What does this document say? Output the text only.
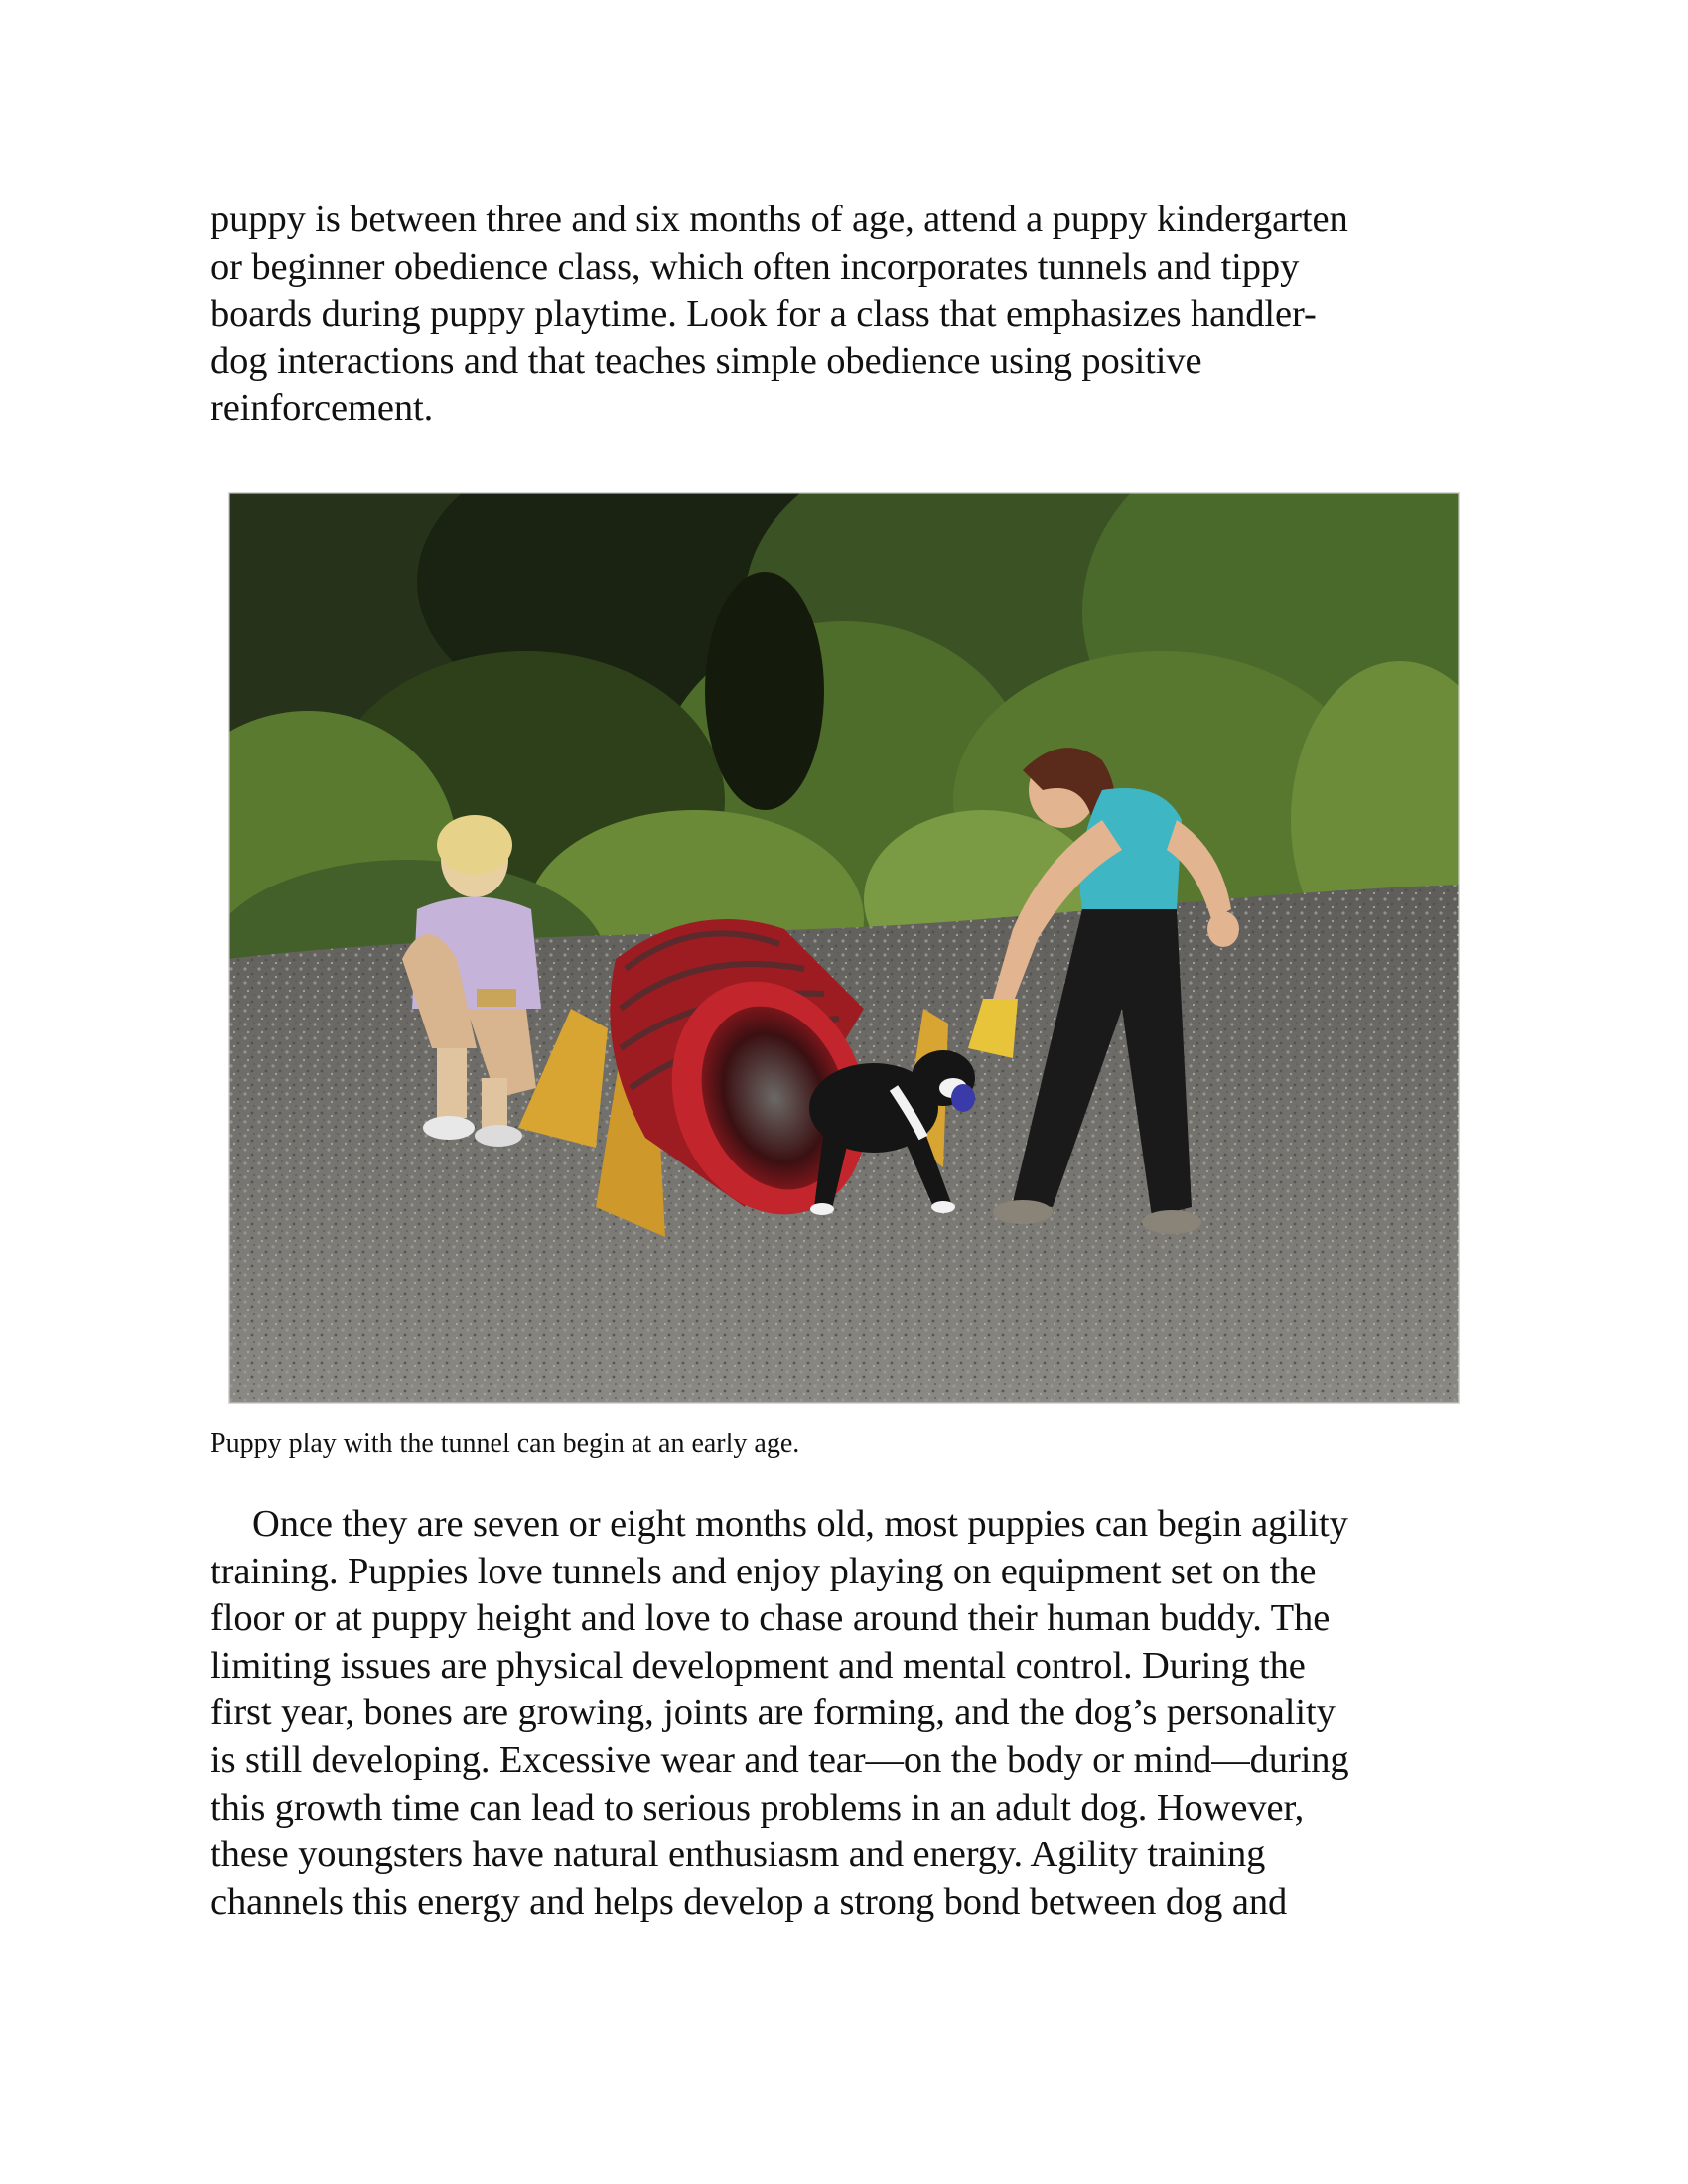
puppy is between three and six months of age, attend a puppy kindergarten
or beginner obedience class, which often incorporates tunnels and tippy
boards during puppy playtime. Look for a class that emphasizes handler-
dog interactions and that teaches simple obedience using positive
reinforcement.

Puppy play with the tunnel can begin at an early age.

Once they are seven or eight months old, most puppies can begin agility
training. Puppies love tunnels and enjoy playing on equipment set on the
floor or at puppy height and love to chase around their human buddy. The
limiting issues are physical development and mental control. During the
first year, bones are growing, joints are forming, and the dog’s personality
is still developing. Excessive wear and tear—on the body or mind—during
this growth time can lead to serious problems in an adult dog. However,
these youngsters have natural enthusiasm and energy. Agility training
channels this energy and helps develop a strong bond between dog and
